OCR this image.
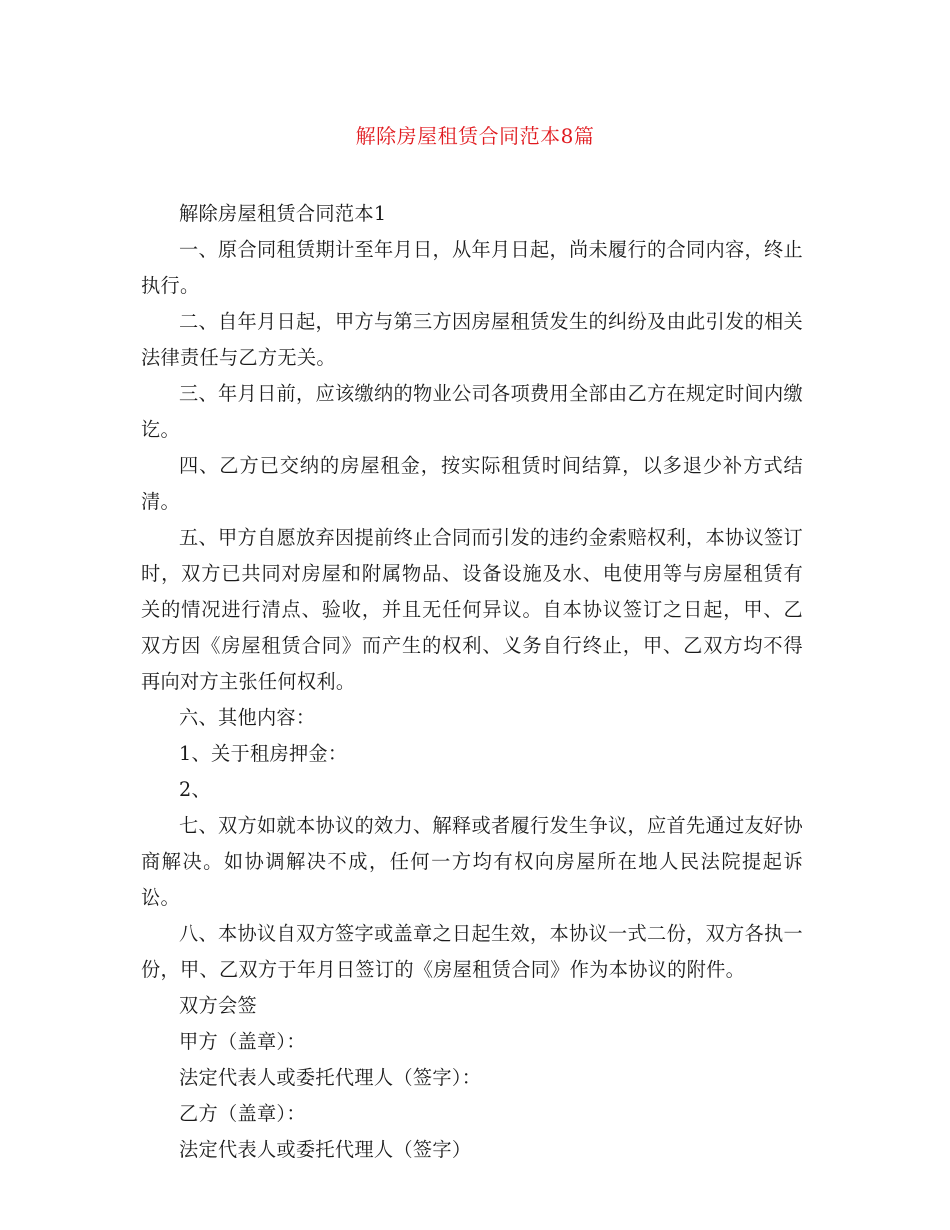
解除房屋租赁合同范本8篇

解除房屋租赁合同范本1

一、原合同租赁期计至年月日，从年月日起，尚未履行的合同内容，终止执行。

二、自年月日起，甲方与第三方因房屋租赁发生的纠纷及由此引发的相关法律责任与乙方无关。

三、年月日前，应该缴纳的物业公司各项费用全部由乙方在规定时间内缴讫。

四、乙方已交纳的房屋租金，按实际租赁时间结算，以多退少补方式结清。

五、甲方自愿放弃因提前终止合同而引发的违约金索赔权利，本协议签订时，双方已共同对房屋和附属物品、设备设施及水、电使用等与房屋租赁有关的情况进行清点、验收，并且无任何异议。自本协议签订之日起，甲、乙双方因《房屋租赁合同》而产生的权利、义务自行终止，甲、乙双方均不得再向对方主张任何权利。

六、其他内容：

1、关于租房押金：

2、

七、双方如就本协议的效力、解释或者履行发生争议，应首先通过友好协商解决。如协调解决不成，任何一方均有权向房屋所在地人民法院提起诉讼。

八、本协议自双方签字或盖章之日起生效，本协议一式二份，双方各执一份，甲、乙双方于年月日签订的《房屋租赁合同》作为本协议的附件。

双方会签

甲方（盖章）：

法定代表人或委托代理人（签字）：

乙方（盖章）：

法定代表人或委托代理人（签字）
